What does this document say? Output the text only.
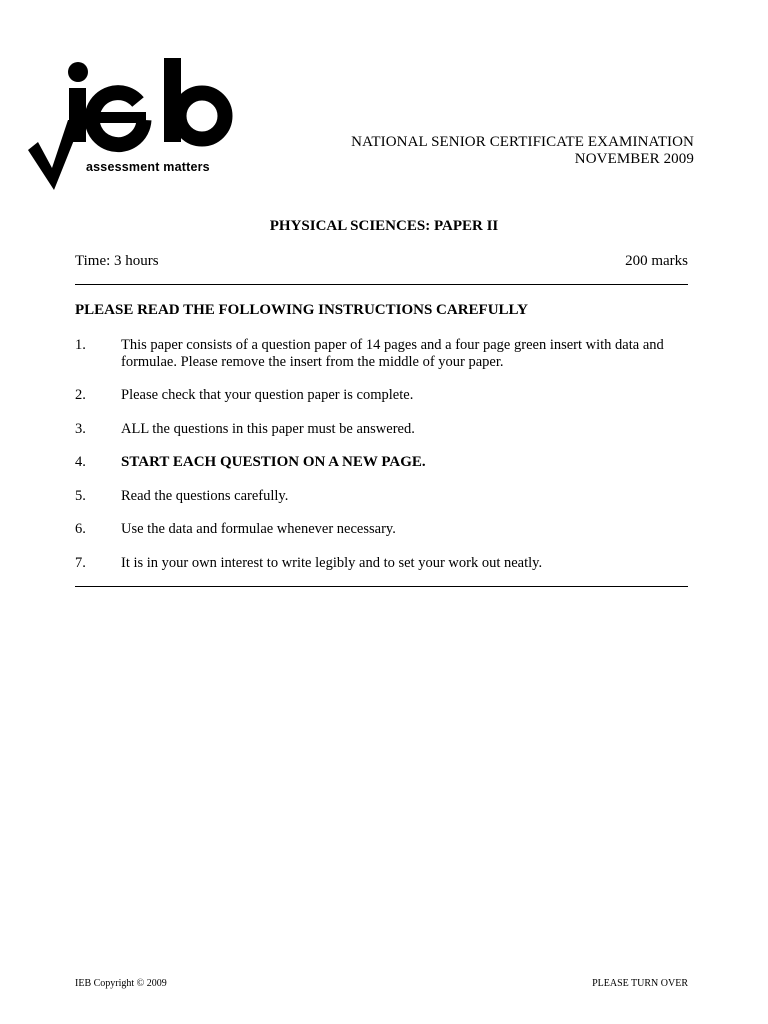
assessment matters
NATIONAL SENIOR CERTIFICATE EXAMINATION
NOVEMBER 2009
PHYSICAL SCIENCES: PAPER II
Time: 3 hours	200 marks
PLEASE READ THE FOLLOWING INSTRUCTIONS CAREFULLY
1. This paper consists of a question paper of 14 pages and a four page green insert with data and formulae. Please remove the insert from the middle of your paper.
2. Please check that your question paper is complete.
3. ALL the questions in this paper must be answered.
4. START EACH QUESTION ON A NEW PAGE.
5. Read the questions carefully.
6. Use the data and formulae whenever necessary.
7. It is in your own interest to write legibly and to set your work out neatly.
IEB Copyright © 2009	PLEASE TURN OVER
